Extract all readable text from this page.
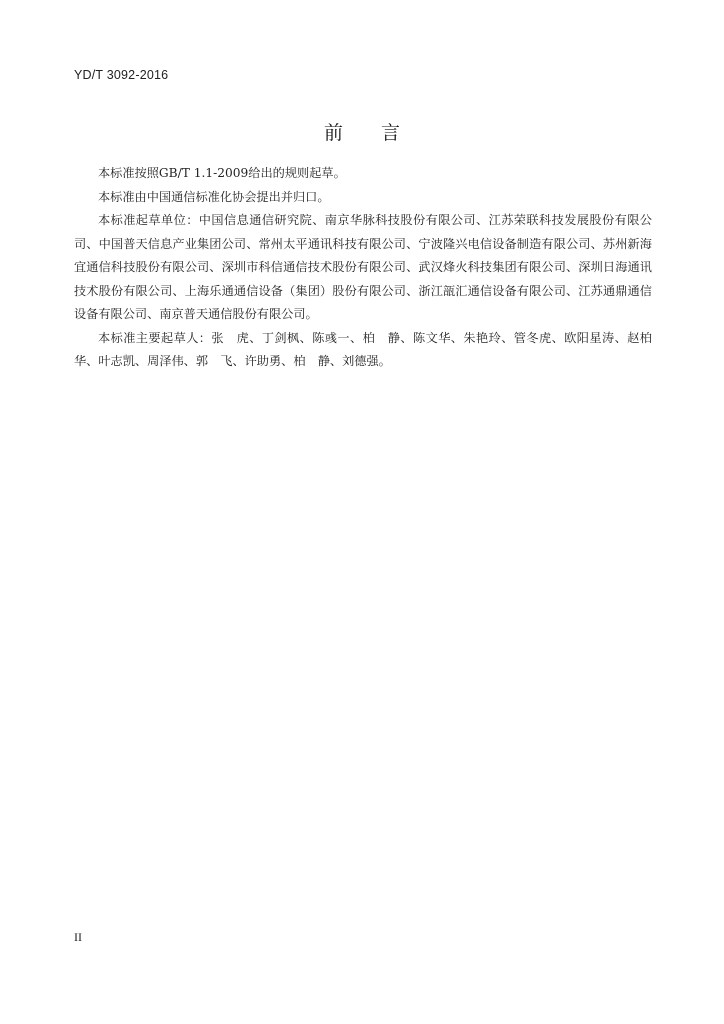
YD/T 3092-2016
前　　言

本标准按照GB/T 1.1-2009给出的规则起草。

本标准由中国通信标准化协会提出并归口。

本标准起草单位：中国信息通信研究院、南京华脉科技股份有限公司、江苏荣联科技发展股份有限公司、中国普天信息产业集团公司、常州太平通讯科技有限公司、宁波隆兴电信设备制造有限公司、苏州新海宜通信科技股份有限公司、深圳市科信通信技术股份有限公司、武汉烽火科技集团有限公司、深圳日海通讯技术股份有限公司、上海乐通通信设备（集团）股份有限公司、浙江瓿汇通信设备有限公司、江苏通鼎通信设备有限公司、南京普天通信股份有限公司。

本标准主要起草人：张　虎、丁剑枫、陈彧一、柏　静、陈文华、朱艳玲、管冬虎、欧阳星涛、赵柏华、叶志凯、周泽伟、郭　飞、许助勇、柏　静、刘德强。

II
